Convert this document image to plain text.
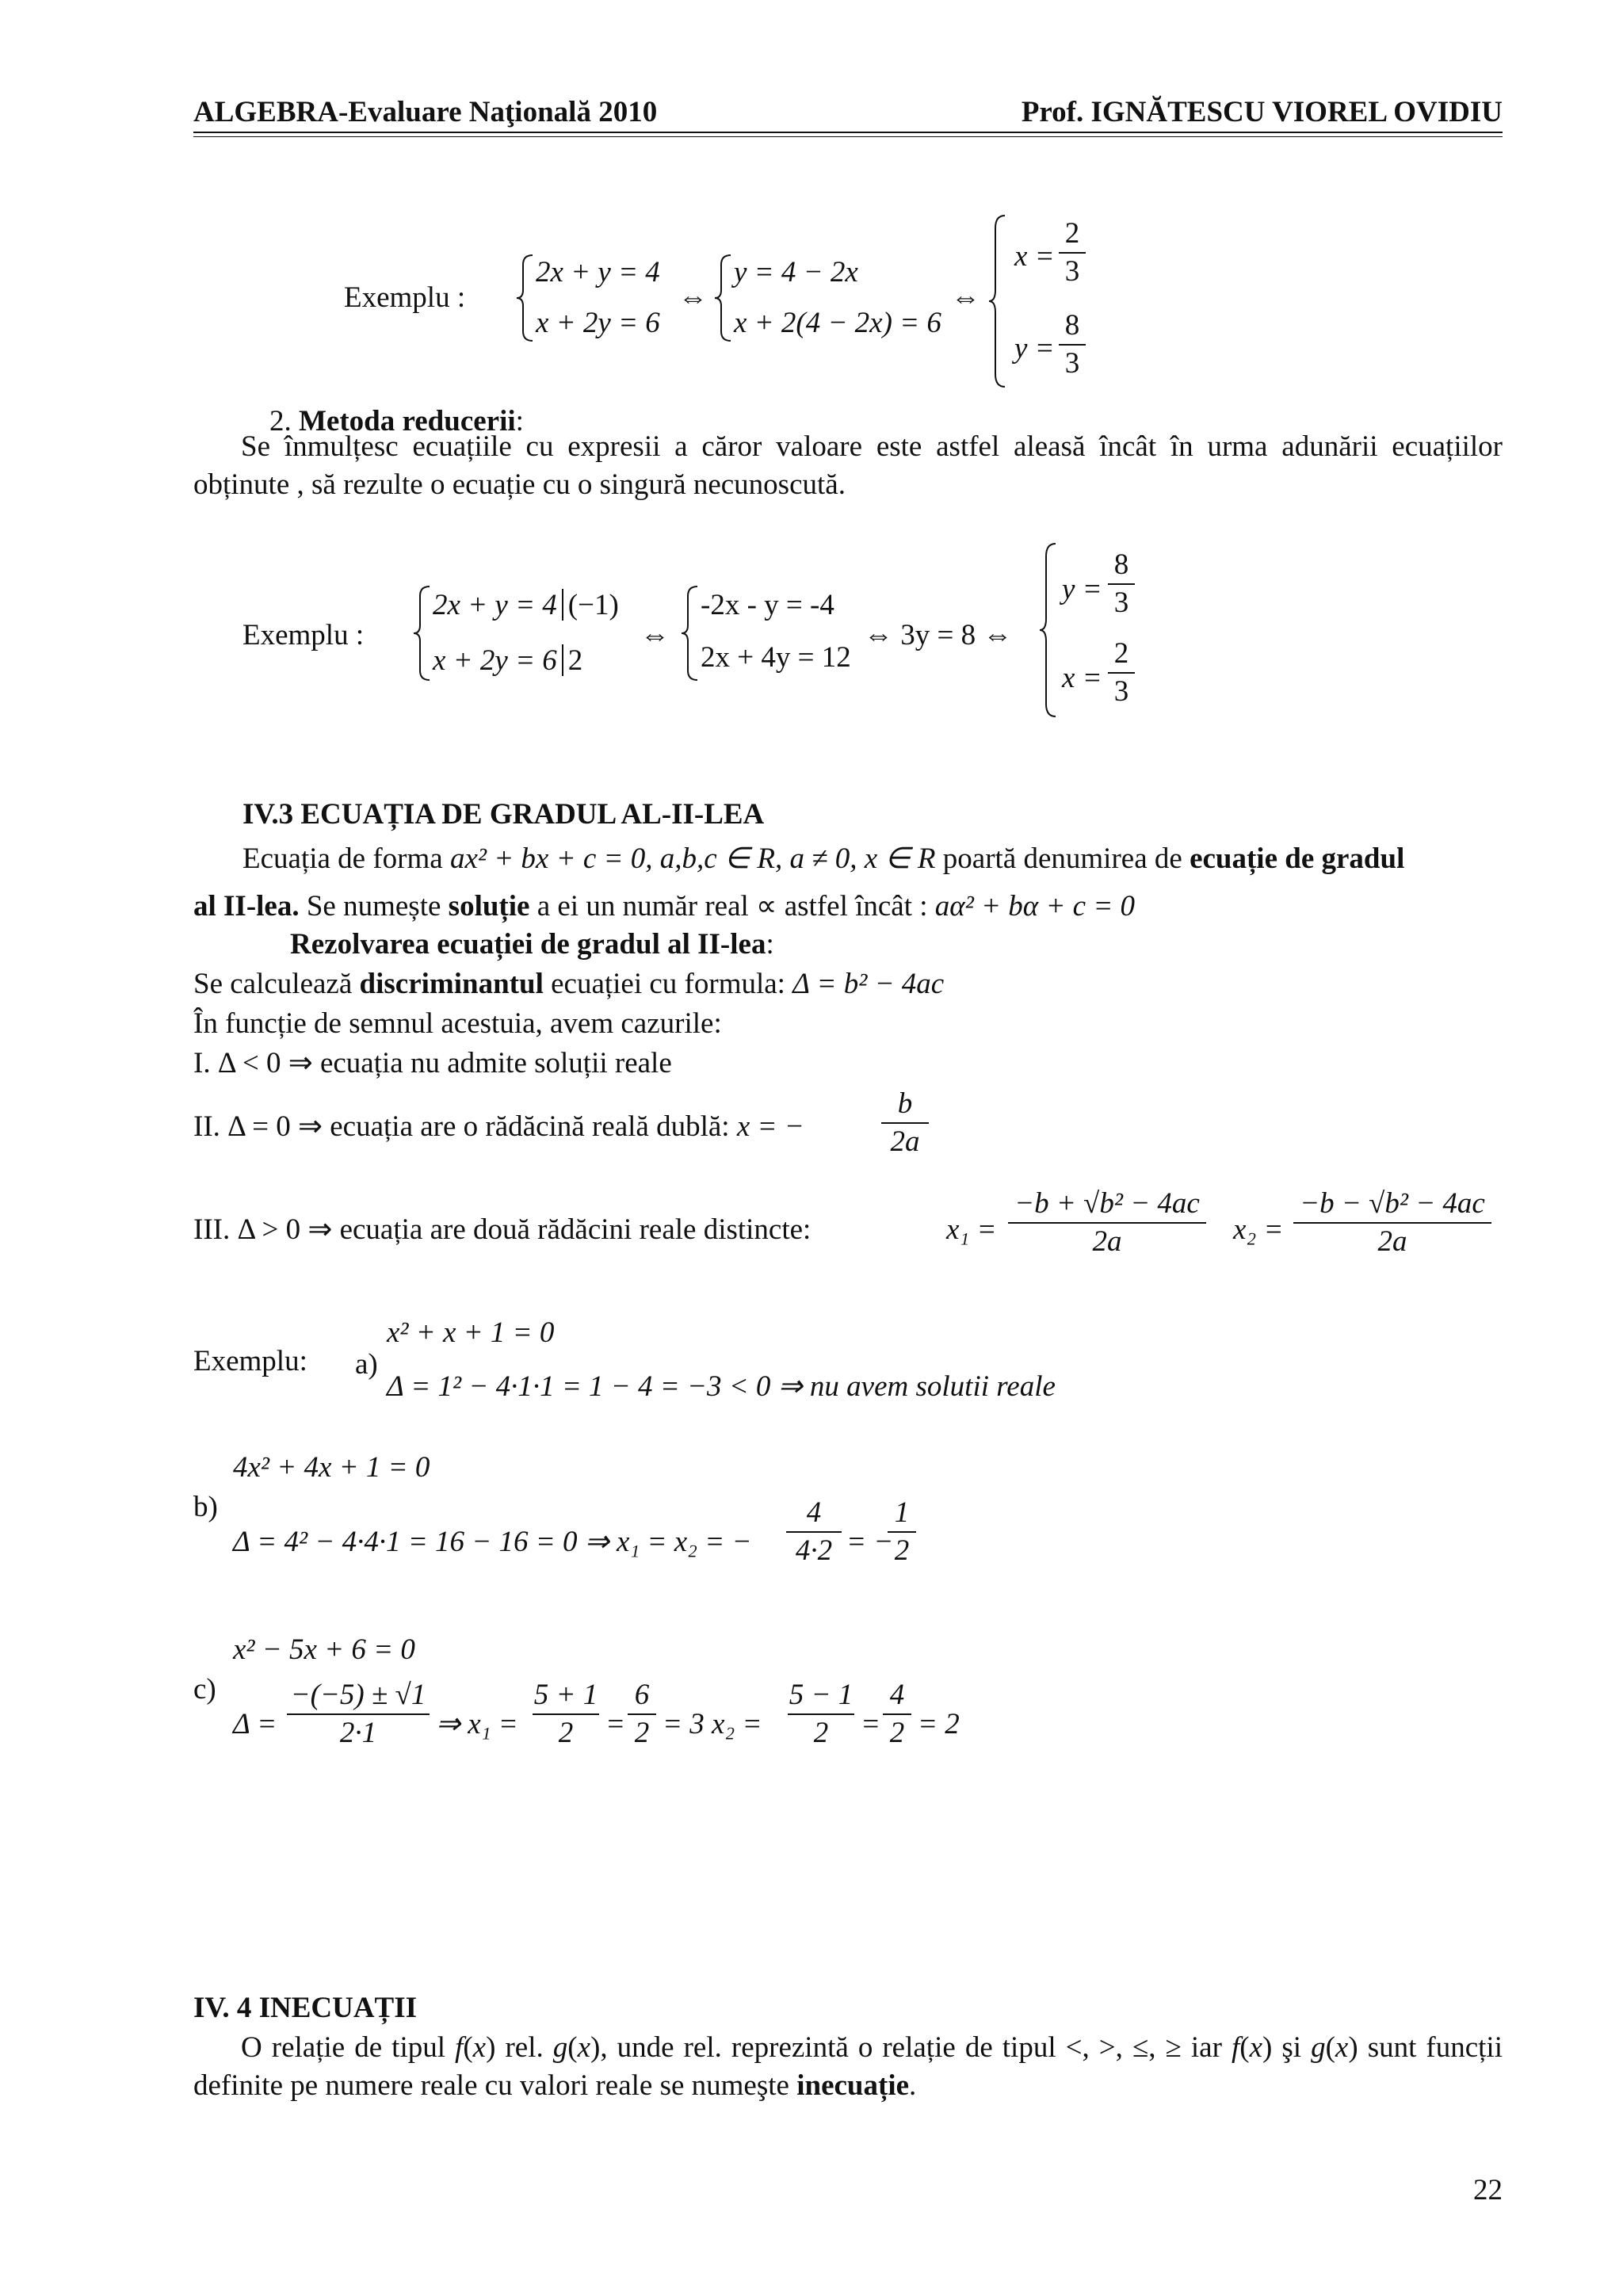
ALGEBRA-Evaluare Naţională 2010	Prof. IGNĂTESCU VIOREL OVIDIU
Exemplu :
2x + y = 4
x + 2y = 6
⇔
y = 4 − 2x
x + 2(4 − 2x) = 6
⇔
x =
2
3
y =
8
3
2. Metoda reducerii:

Se înmulțesc ecuațiile cu expresii a căror valoare este astfel aleasă încât în urma adunării ecuațiilor obținute , să rezulte o ecuație cu o singură necunoscută.

Exemplu :
2x + y = 4 (−1)
x + 2y = 6 2
⇔
-2x - y = -4
2x + 4y = 12
⇔ 3y = 8 ⇔
y =
8
3
x =
2
3
IV.3 ECUAȚIA DE GRADUL AL-II-LEA
Ecuația de forma ax² + bx + c = 0, a,b,c ∈ R, a ≠ 0, x ∈ R poartă denumirea de ecuație de gradul
al II-lea. Se numește soluție a ei un număr real ∝ astfel încât : aα² + bα + c = 0
Rezolvarea ecuației de gradul al II-lea:
Se calculează discriminantul ecuației cu formula: Δ = b² − 4ac
În funcție de semnul acestuia, avem cazurile:
I. Δ < 0 ⇒ ecuația nu admite soluții reale
II. Δ = 0 ⇒ ecuația are o rădăcină reală dublă: x = −
b
2a
III. Δ > 0 ⇒ ecuația are două rădăcini reale distincte:	x₁ =
−b + √b² − 4ac
2a	x₂ =
−b − √b² − 4ac
2a
Exemplu: a)
x² + x + 1 = 0
Δ = 1² − 4·1·1 = 1 − 4 = −3 < 0 ⇒ nu avem solutii reale
4x² + 4x + 1 = 0
b)
Δ = 4² − 4·4·1 = 16 − 16 = 0 ⇒ x₁ = x₂ = −
4
4·2 = −
1
2
x² − 5x + 6 = 0
c)
Δ =
−(−5) ± √1
2·1	⇒ x₁ =
5 + 1
2	=
6
2 = 3 x₂ =
5 − 1
2	=
4
2 = 2
IV. 4 INECUAȚII

O relație de tipul f(x) rel. g(x), unde rel. reprezintă o relație de tipul <, >, ≤, ≥ iar f(x) şi g(x) sunt funcții definite pe numere reale cu valori reale se numeşte inecuație.

22
